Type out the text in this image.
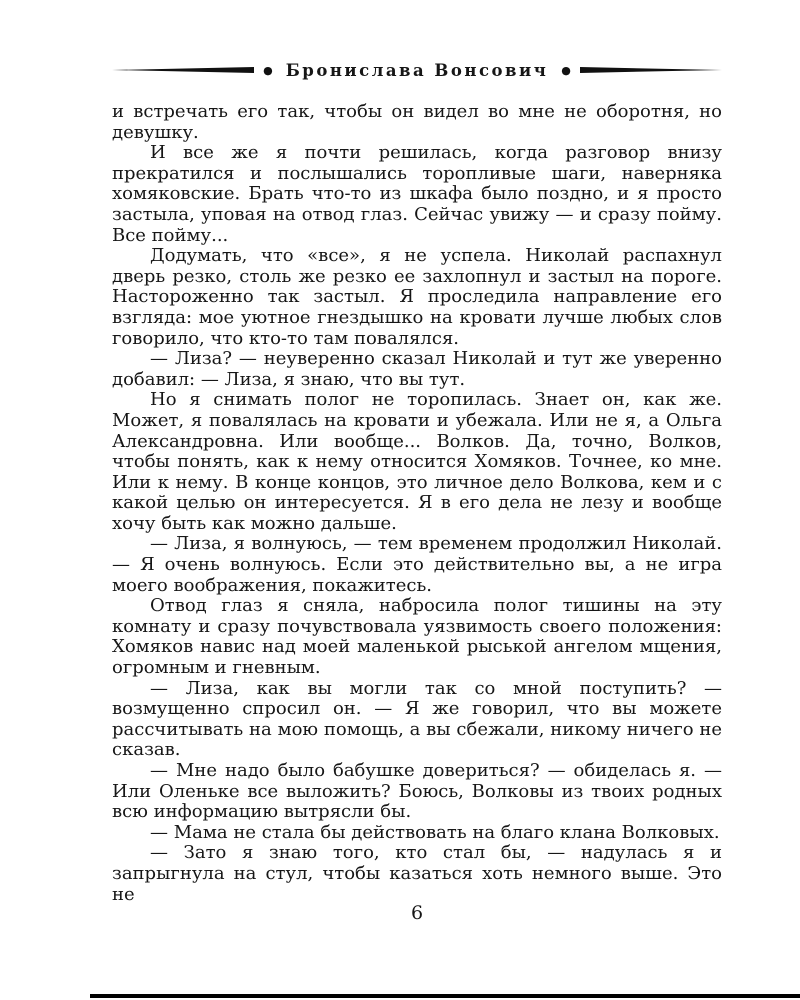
● Бронислава Вонсович	●

и встречать его так, чтобы он видел во мне не оборотня, но девушку.

И все же я почти решилась, когда разговор внизу прекратился и послышались торопливые шаги, наверняка хомяковские. Брать что-то из шкафа было поздно, и я просто застыла, уповая на отвод глаз. Сейчас увижу — и сразу пойму. Все пойму...

Додумать, что «все», я не успела. Николай распахнул дверь резко, столь же резко ее захлопнул и застыл на пороге. Настороженно так застыл. Я проследила направление его взгляда: мое уютное гнездышко на кровати лучше любых слов говорило, что кто-то там повалялся.

— Лиза? — неуверенно сказал Николай и тут же уверенно добавил: — Лиза, я знаю, что вы тут.

Но я снимать полог не торопилась. Знает он, как же. Может, я повалялась на кровати и убежала. Или не я, а Ольга Александровна. Или вообще... Волков. Да, точно, Волков, чтобы понять, как к нему относится Хомяков. Точнее, ко мне. Или к нему. В конце концов, это личное дело Волкова, кем и с какой целью он интересуется. Я в его дела не лезу и вообще хочу быть как можно дальше.

— Лиза, я волнуюсь, — тем временем продолжил Николай. — Я очень волнуюсь. Если это действительно вы, а не игра моего воображения, покажитесь.

Отвод глаз я сняла, набросила полог тишины на эту комнату и сразу почувствовала уязвимость своего положения: Хомяков навис над моей маленькой рыськой ангелом мщения, огромным и гневным.

— Лиза, как вы могли так со мной поступить? — возмущенно спросил он. — Я же говорил, что вы можете рассчитывать на мою помощь, а вы сбежали, никому ничего не сказав.

— Мне надо было бабушке довериться? — обиделась я. — Или Оленьке все выложить? Боюсь, Волковы из твоих родных всю информацию вытрясли бы.

— Мама не стала бы действовать на благо клана Волковых.

— Зато я знаю того, кто стал бы, — надулась я и запрыгнула на стул, чтобы казаться хоть немного выше. Это не

6
